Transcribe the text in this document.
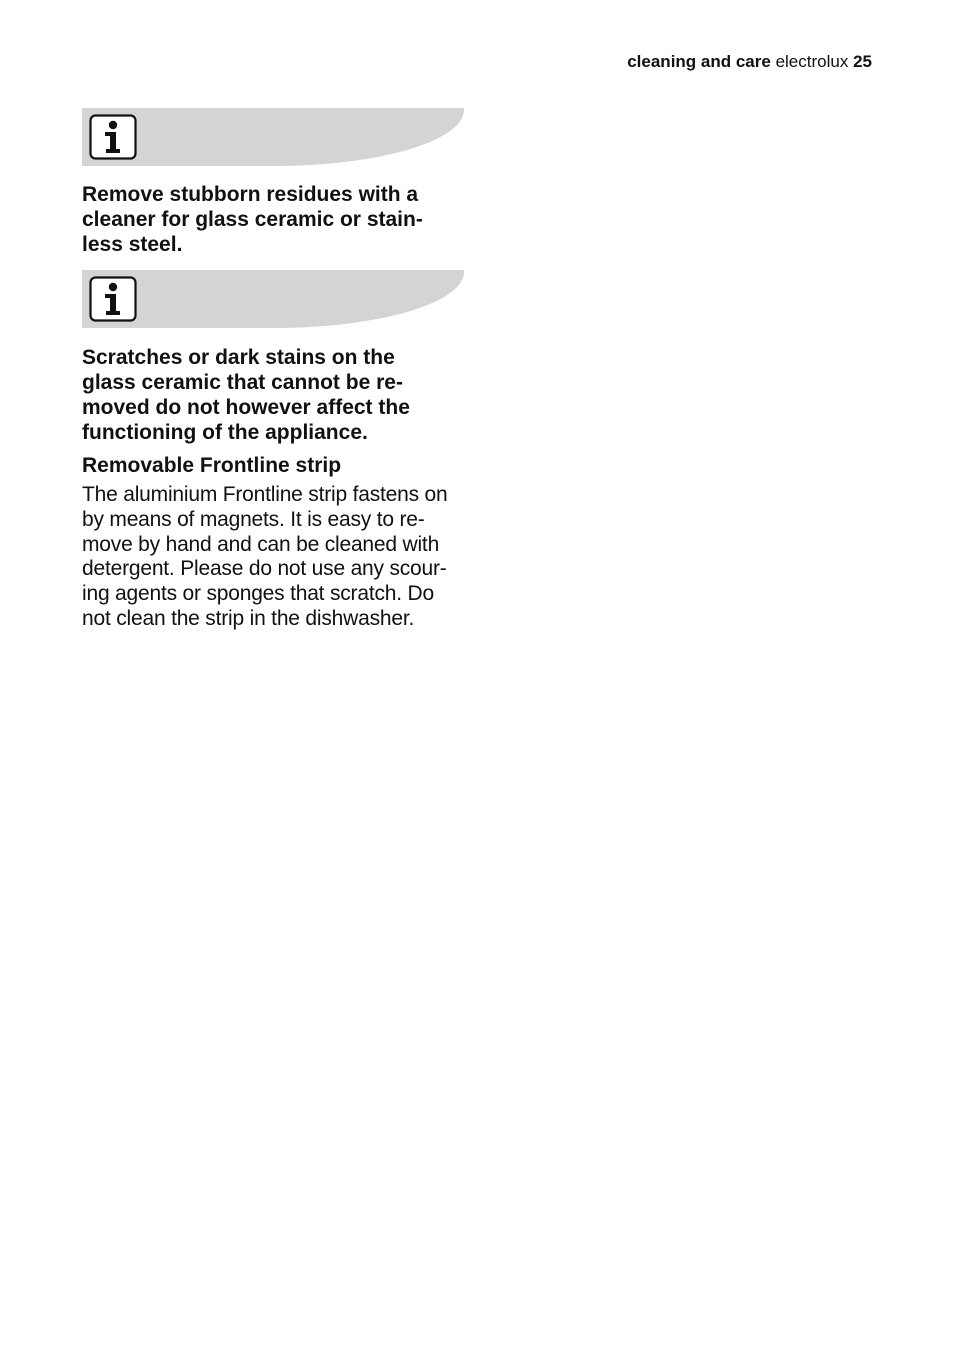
cleaning and care electrolux 25

Remove stubborn residues with a
cleaner for glass ceramic or stain-
less steel.

Scratches or dark stains on the
glass ceramic that cannot be re-
moved do not however affect the
functioning of the appliance.

Removable Frontline strip

The aluminium Frontline strip fastens on
by means of magnets. It is easy to re-
move by hand and can be cleaned with
detergent. Please do not use any scour-
ing agents or sponges that scratch. Do
not clean the strip in the dishwasher.
